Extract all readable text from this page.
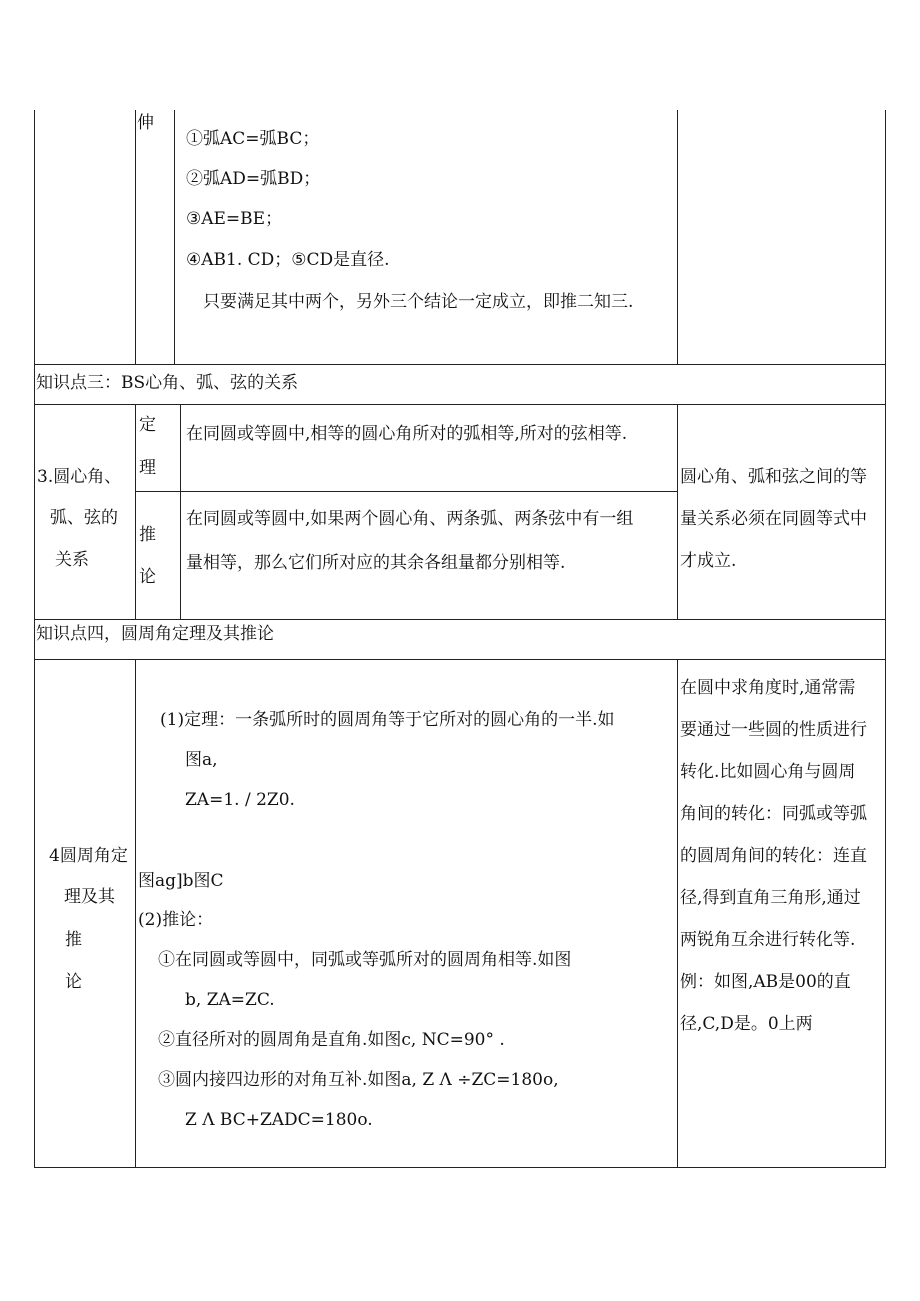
伸
①弧AC=弧BC；
②弧AD=弧BD；
③AE=BE；
④AB1. CD；⑤CD是直径.
只要满足其中两个，另外三个结论一定成立，即推二知三.
知识点三：BS心角、弧、弦的关系
3.圆心角、
弧、弦的
关系
定
理
在同圆或等圆中,相等的圆心角所对的弧相等,所对的弦相等.
推
论
在同圆或等圆中,如果两个圆心角、两条弧、两条弦中有一组
量相等，那么它们所对应的其余各组量都分别相等.
圆心角、弧和弦之间的等
量关系必须在同圆等式中
才成立.
知识点四，圆周角定理及其推论
4圆周角定
理及其
推
论
(1)定理：一条弧所时的圆周角等于它所对的圆心角的一半.如
图a,
ZA=1. / 2Z0.
图ag]b图C
(2)推论：
①在同圆或等圆中，同弧或等弧所对的圆周角相等.如图
b, ZA=ZC.
②直径所对的圆周角是直角.如图c, NC=90° .
③圆内接四边形的对角互补.如图a, Z Λ ÷ZC=180o,
Z Λ BC+ZADC=180o.
在圆中求角度时,通常需
要通过一些圆的性质进行
转化.比如圆心角与圆周
角间的转化：同弧或等弧
的圆周角间的转化：连直
径,得到直角三角形,通过
两锐角互余进行转化等.
例：如图,AB是00的直
径,C,D是。0上两
